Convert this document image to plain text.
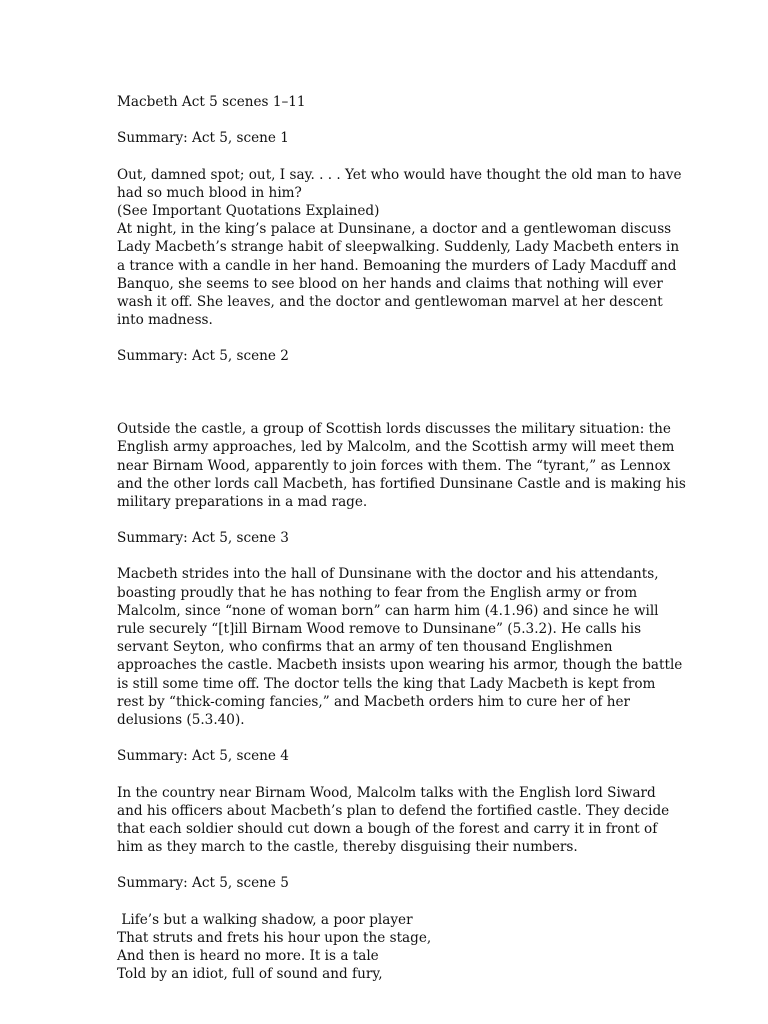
Macbeth Act 5 scenes 1–11
Summary: Act 5, scene 1
Out, damned spot; out, I say. . . . Yet who would have thought the old man to have
had so much blood in him?
(See Important Quotations Explained)
At night, in the king’s palace at Dunsinane, a doctor and a gentlewoman discuss
Lady Macbeth’s strange habit of sleepwalking. Suddenly, Lady Macbeth enters in
a trance with a candle in her hand. Bemoaning the murders of Lady Macduff and
Banquo, she seems to see blood on her hands and claims that nothing will ever
wash it off. She leaves, and the doctor and gentlewoman marvel at her descent
into madness.
Summary: Act 5, scene 2
Outside the castle, a group of Scottish lords discusses the military situation: the
English army approaches, led by Malcolm, and the Scottish army will meet them
near Birnam Wood, apparently to join forces with them. The “tyrant,” as Lennox
and the other lords call Macbeth, has fortified Dunsinane Castle and is making his
military preparations in a mad rage.
Summary: Act 5, scene 3
Macbeth strides into the hall of Dunsinane with the doctor and his attendants,
boasting proudly that he has nothing to fear from the English army or from
Malcolm, since “none of woman born” can harm him (4.1.96) and since he will
rule securely “[t]ill Birnam Wood remove to Dunsinane” (5.3.2). He calls his
servant Seyton, who confirms that an army of ten thousand Englishmen
approaches the castle. Macbeth insists upon wearing his armor, though the battle
is still some time off. The doctor tells the king that Lady Macbeth is kept from
rest by “thick-coming fancies,” and Macbeth orders him to cure her of her
delusions (5.3.40).
Summary: Act 5, scene 4
In the country near Birnam Wood, Malcolm talks with the English lord Siward
and his officers about Macbeth’s plan to defend the fortified castle. They decide
that each soldier should cut down a bough of the forest and carry it in front of
him as they march to the castle, thereby disguising their numbers.
Summary: Act 5, scene 5
Life’s but a walking shadow, a poor player
That struts and frets his hour upon the stage,
And then is heard no more. It is a tale
Told by an idiot, full of sound and fury,
